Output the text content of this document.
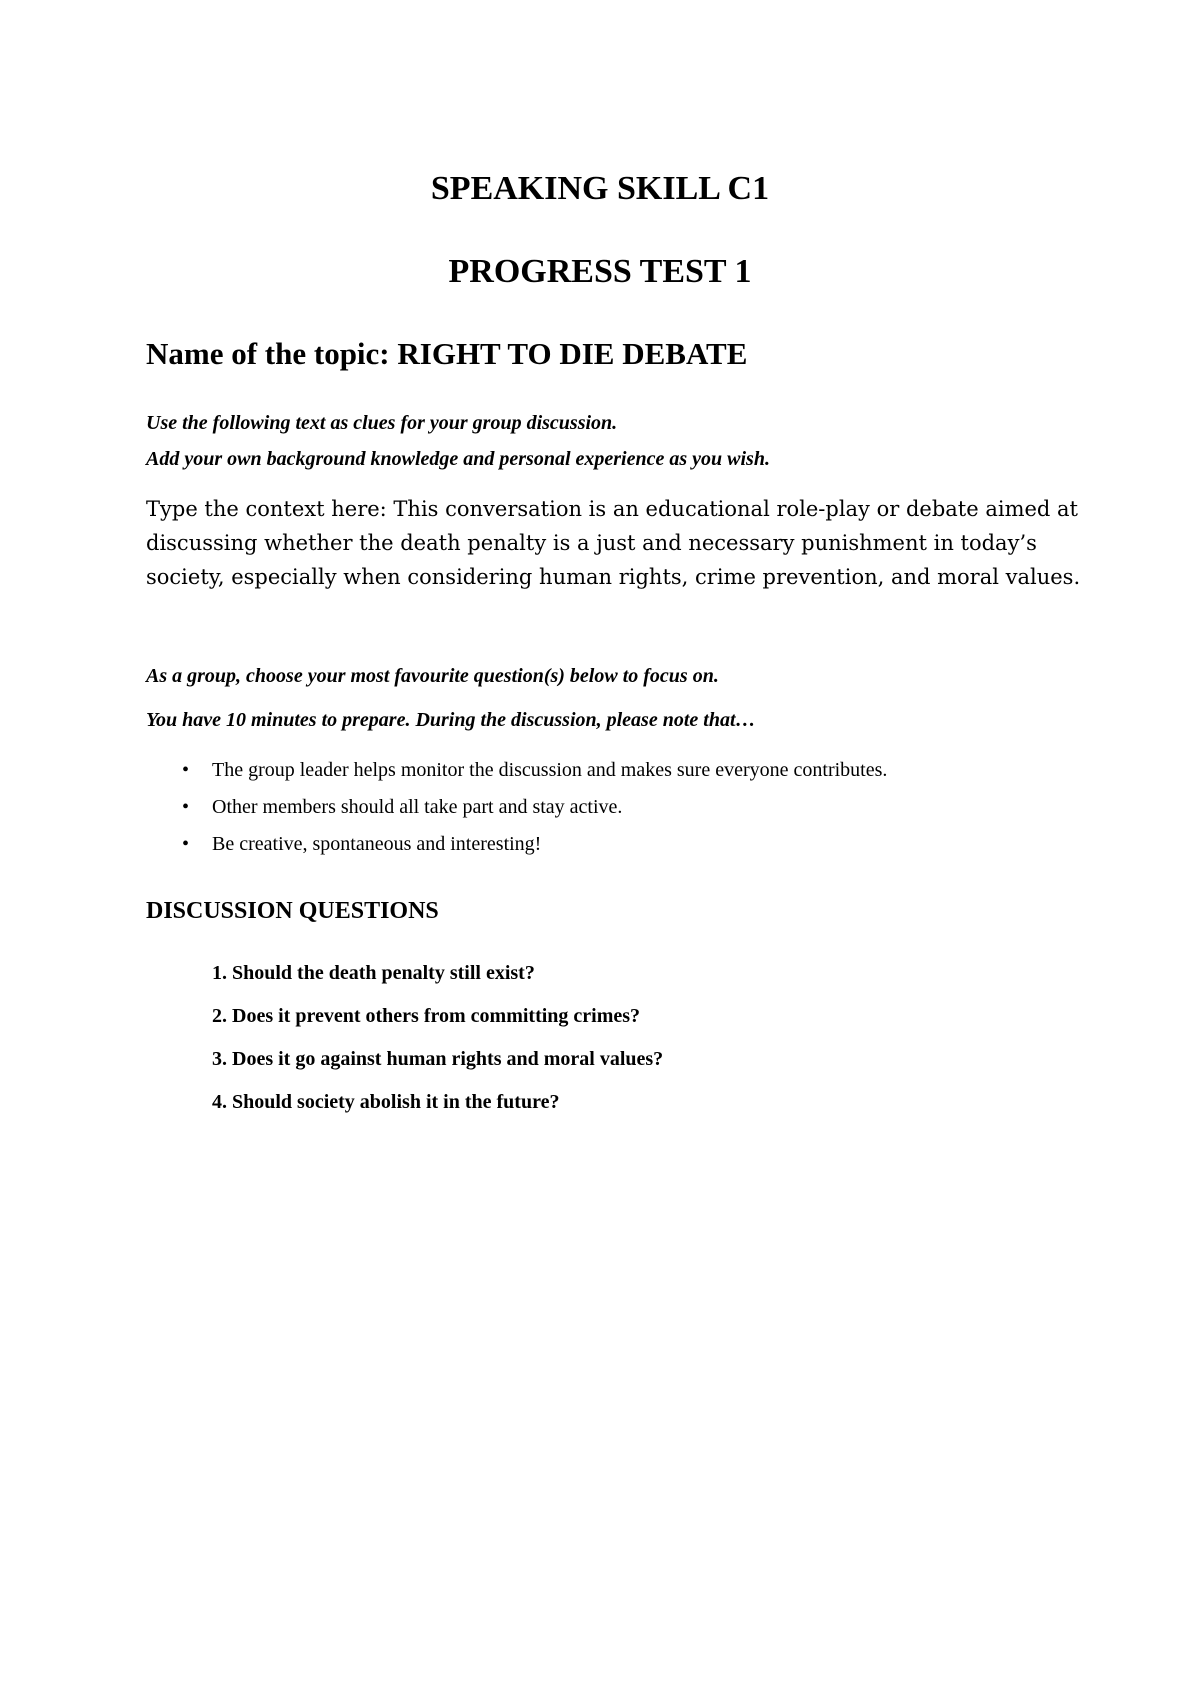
SPEAKING SKILL C1
PROGRESS TEST 1
Name of the topic: RIGHT TO DIE DEBATE
Use the following text as clues for your group discussion.
Add your own background knowledge and personal experience as you wish.

Type the context here: This conversation is an educational role-play or debate aimed at discussing whether the death penalty is a just and necessary punishment in today’s society, especially when considering human rights, crime prevention, and moral values.

As a group, choose your most favourite question(s) below to focus on.

You have 10 minutes to prepare. During the discussion, please note that…

• The group leader helps monitor the discussion and makes sure everyone contributes.
• Other members should all take part and stay active.
• Be creative, spontaneous and interesting!
DISCUSSION QUESTIONS
1. Should the death penalty still exist?
2. Does it prevent others from committing crimes?
3. Does it go against human rights and moral values?
4. Should society abolish it in the future?
